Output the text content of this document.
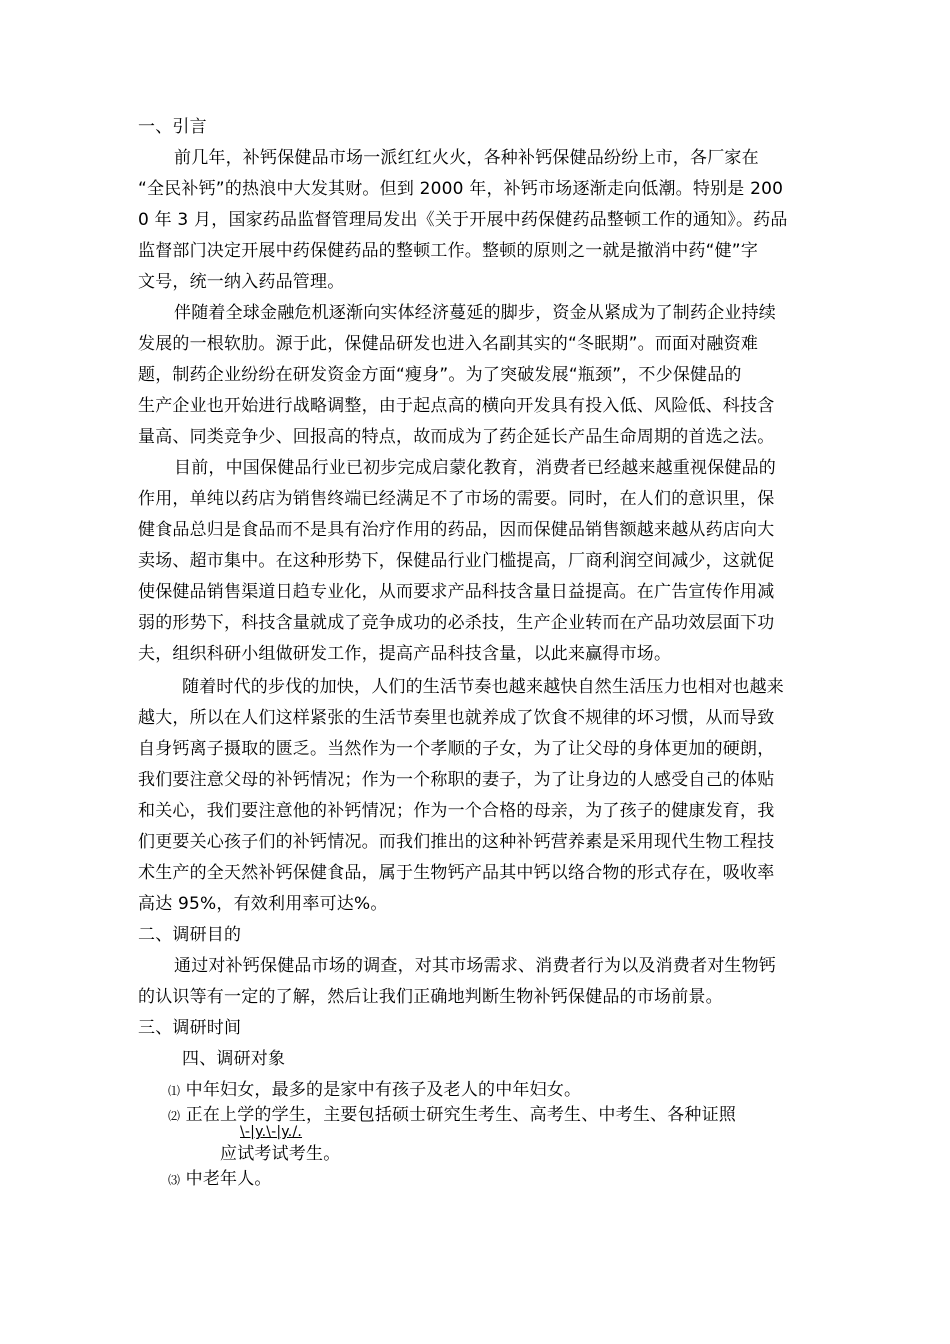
一、引言
前几年，补钙保健品市场一派红红火火，各种补钙保健品纷纷上市，各厂家在
“全民补钙”的热浪中大发其财。但到 2000 年，补钙市场逐渐走向低潮。特别是 200
0 年 3 月，国家药品监督管理局发出《关于开展中药保健药品整顿工作的通知》。药品
监督部门决定开展中药保健药品的整顿工作。整顿的原则之一就是撤消中药“健”字
文号，统一纳入药品管理。
伴随着全球金融危机逐渐向实体经济蔓延的脚步，资金从紧成为了制药企业持续
发展的一根软肋。源于此，保健品研发也进入名副其实的“冬眠期”。而面对融资难
题，制药企业纷纷在研发资金方面“瘦身”。为了突破发展“瓶颈”，不少保健品的
生产企业也开始进行战略调整，由于起点高的横向开发具有投入低、风险低、科技含
量高、同类竞争少、回报高的特点，故而成为了药企延长产品生命周期的首选之法。
目前，中国保健品行业已初步完成启蒙化教育，消费者已经越来越重视保健品的
作用，单纯以药店为销售终端已经满足不了市场的需要。同时，在人们的意识里，保
健食品总归是食品而不是具有治疗作用的药品，因而保健品销售额越来越从药店向大
卖场、超市集中。在这种形势下，保健品行业门槛提高，厂商利润空间减少，这就促
使保健品销售渠道日趋专业化，从而要求产品科技含量日益提高。在广告宣传作用减
弱的形势下，科技含量就成了竞争成功的必杀技，生产企业转而在产品功效层面下功
夫，组织科研小组做研发工作，提高产品科技含量，以此来赢得市场。
随着时代的步伐的加快，人们的生活节奏也越来越快自然生活压力也相对也越来
越大，所以在人们这样紧张的生活节奏里也就养成了饮食不规律的坏习惯，从而导致
自身钙离子摄取的匮乏。当然作为一个孝顺的子女，为了让父母的身体更加的硬朗，
我们要注意父母的补钙情况；作为一个称职的妻子，为了让身边的人感受自己的体贴
和关心，我们要注意他的补钙情况；作为一个合格的母亲，为了孩子的健康发育，我
们更要关心孩子们的补钙情况。而我们推出的这种补钙营养素是采用现代生物工程技
术生产的全天然补钙保健食品，属于生物钙产品其中钙以络合物的形式存在，吸收率
高达 95%，有效利用率可达%。
二、调研目的
通过对补钙保健品市场的调查，对其市场需求、消费者行为以及消费者对生物钙
的认识等有一定的了解，然后让我们正确地判断生物补钙保健品的市场前景。
三、调研时间
四、调研对象
⑴ 中年妇女，最多的是家中有孩子及老人的中年妇女。
⑵ 正在上学的学生，主要包括硕士研究生考生、高考生、中考生、各种证照
\-|y.\-|y./.
应试考试考生。
⑶ 中老年人。
